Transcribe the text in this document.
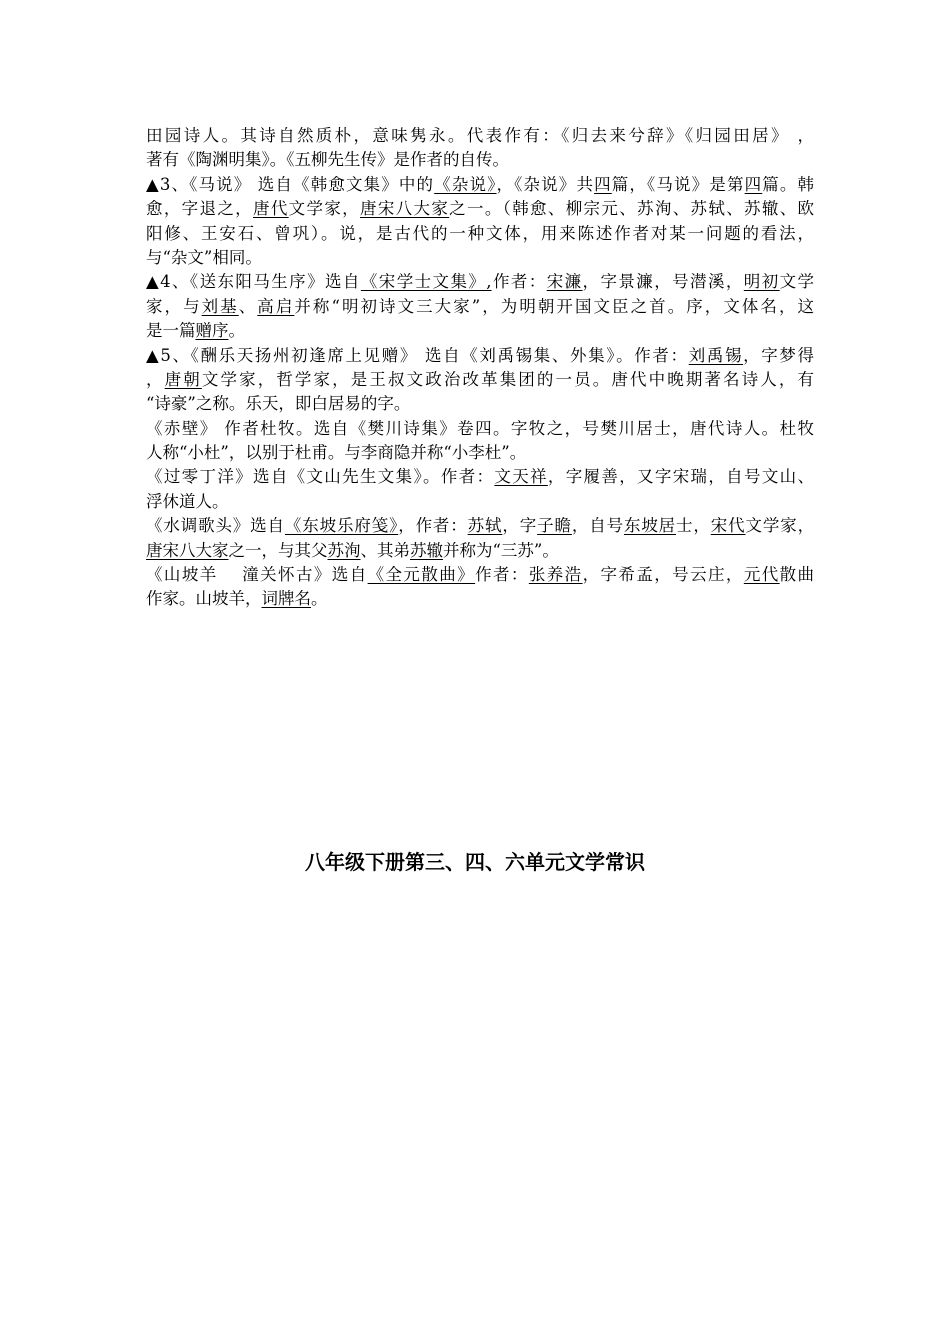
田园诗人。其诗自然质朴，意味隽永。代表作有：《归去来兮辞》《归园田居》 ，
著有《陶渊明集》。《五柳先生传》是作者的自传。
▲3、《马说》 选自《韩愈文集》中的《杂说》，《杂说》共四篇，《马说》是第四篇。韩
愈，字退之，唐代文学家，唐宋八大家之一。（韩愈、柳宗元、苏洵、苏轼、苏辙、欧
阳修、王安石、曾巩）。说，是古代的一种文体，用来陈述作者对某一问题的看法，
与“杂文”相同。
▲4、《送东阳马生序》选自《宋学士文集》,作者：宋濂，字景濂，号潜溪，明初文学
家，与刘基、高启并称“明初诗文三大家”，为明朝开国文臣之首。序，文体名，这
是一篇赠序。
▲5、《酬乐天扬州初逢席上见赠》 选自《刘禹锡集、外集》。作者：刘禹锡，字梦得
，唐朝文学家，哲学家，是王叔文政治改革集团的一员。唐代中晚期著名诗人，有
“诗豪”之称。乐天，即白居易的字。
《赤壁》 作者杜牧。选自《樊川诗集》卷四。字牧之，号樊川居士，唐代诗人。杜牧
人称“小杜”，以别于杜甫。与李商隐并称“小李杜”。
《过零丁洋》选自《文山先生文集》。作者：文天祥，字履善，又字宋瑞，自号文山、
浮休道人。
《水调歌头》选自《东坡乐府笺》，作者：苏轼，字子瞻，自号东坡居士，宋代文学家，
唐宋八大家之一，与其父苏洵、其弟苏辙并称为“三苏”。
《山坡羊　 潼关怀古》选自《全元散曲》作者：张养浩，字希孟，号云庄，元代散曲
作家。山坡羊，词牌名。
八年级下册第三、四、六单元文学常识
